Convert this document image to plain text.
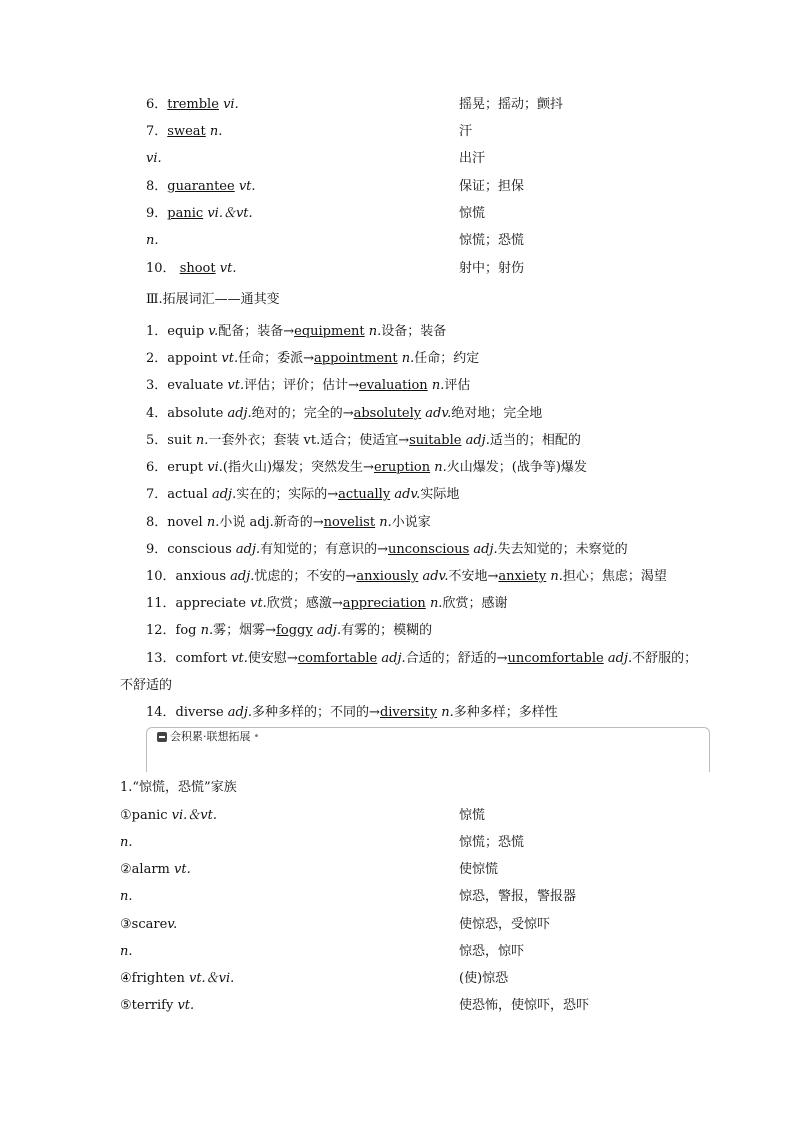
6．tremble vi.	摇晃；摇动；颤抖
7．sweat n.	汗
vi.	出汗
8．guarantee vt.	保证；担保
9．panic vi.＆vt.	惊慌
n.	惊慌；恐慌
10． shoot vt.	射中；射伤
Ⅲ.拓展词汇——通其变
1．equip v.配备；装备→equipment n.设备；装备
2．appoint vt.任命；委派→appointment n.任命；约定
3．evaluate vt.评估；评价；估计→evaluation n.评估
4．absolute adj.绝对的；完全的→absolutely adv.绝对地；完全地
5．suit n.一套外衣；套装 vt.适合；使适宜→suitable adj.适当的；相配的
6．erupt vi.(指火山)爆发；突然发生→eruption n.火山爆发；(战争等)爆发
7．actual adj.实在的；实际的→actually adv.实际地
8．novel n.小说 adj.新奇的→novelist n.小说家
9．conscious adj.有知觉的；有意识的→unconscious adj.失去知觉的；未察觉的
10．anxious adj.忧虑的；不安的→anxiously adv.不安地→anxiety n.担心；焦虑；渴望
11．appreciate vt.欣赏；感激→appreciation n.欣赏；感谢
12．fog n.雾；烟雾→foggy adj.有雾的；模糊的
13．comfort vt.使安慰→comfortable adj.合适的；舒适的→uncomfortable adj.不舒服的；
不舒适的
14．diverse adj.多种多样的；不同的→diversity n.多种多样；多样性
会积累·联想拓展 •
1.“惊慌，恐慌”家族
①panic vi.＆vt.	惊慌
n.	惊慌；恐慌
②alarm vt.	使惊慌
n.	惊恐，警报，警报器
③scarev.	使惊恐，受惊吓
n.	惊恐，惊吓
④frighten vt.＆vi.	(使)惊恐
⑤terrify vt.	使恐怖，使惊吓，恐吓
